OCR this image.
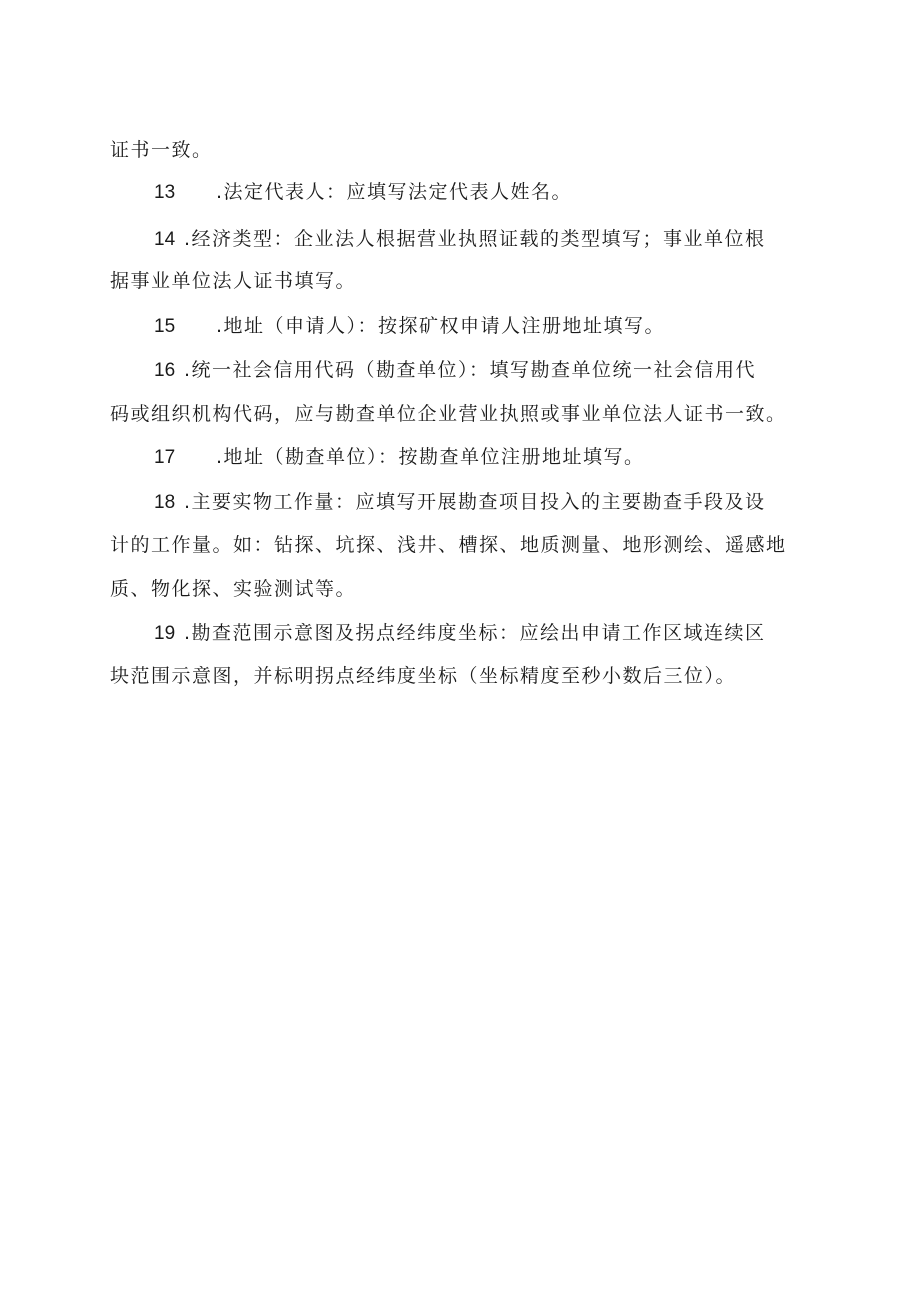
证书一致。
13 .法定代表人：应填写法定代表人姓名。
14 .经济类型：企业法人根据营业执照证载的类型填写；事业单位根
据事业单位法人证书填写。
15 .地址（申请人）：按探矿权申请人注册地址填写。
16 .统一社会信用代码（勘查单位）：填写勘查单位统一社会信用代
码或组织机构代码，应与勘查单位企业营业执照或事业单位法人证书一致。
17 .地址（勘查单位）：按勘查单位注册地址填写。
18 .主要实物工作量：应填写开展勘查项目投入的主要勘查手段及设
计的工作量。如：钻探、坑探、浅井、槽探、地质测量、地形测绘、遥感地
质、物化探、实验测试等。
19 .勘查范围示意图及拐点经纬度坐标：应绘出申请工作区域连续区
块范围示意图，并标明拐点经纬度坐标（坐标精度至秒小数后三位）。
